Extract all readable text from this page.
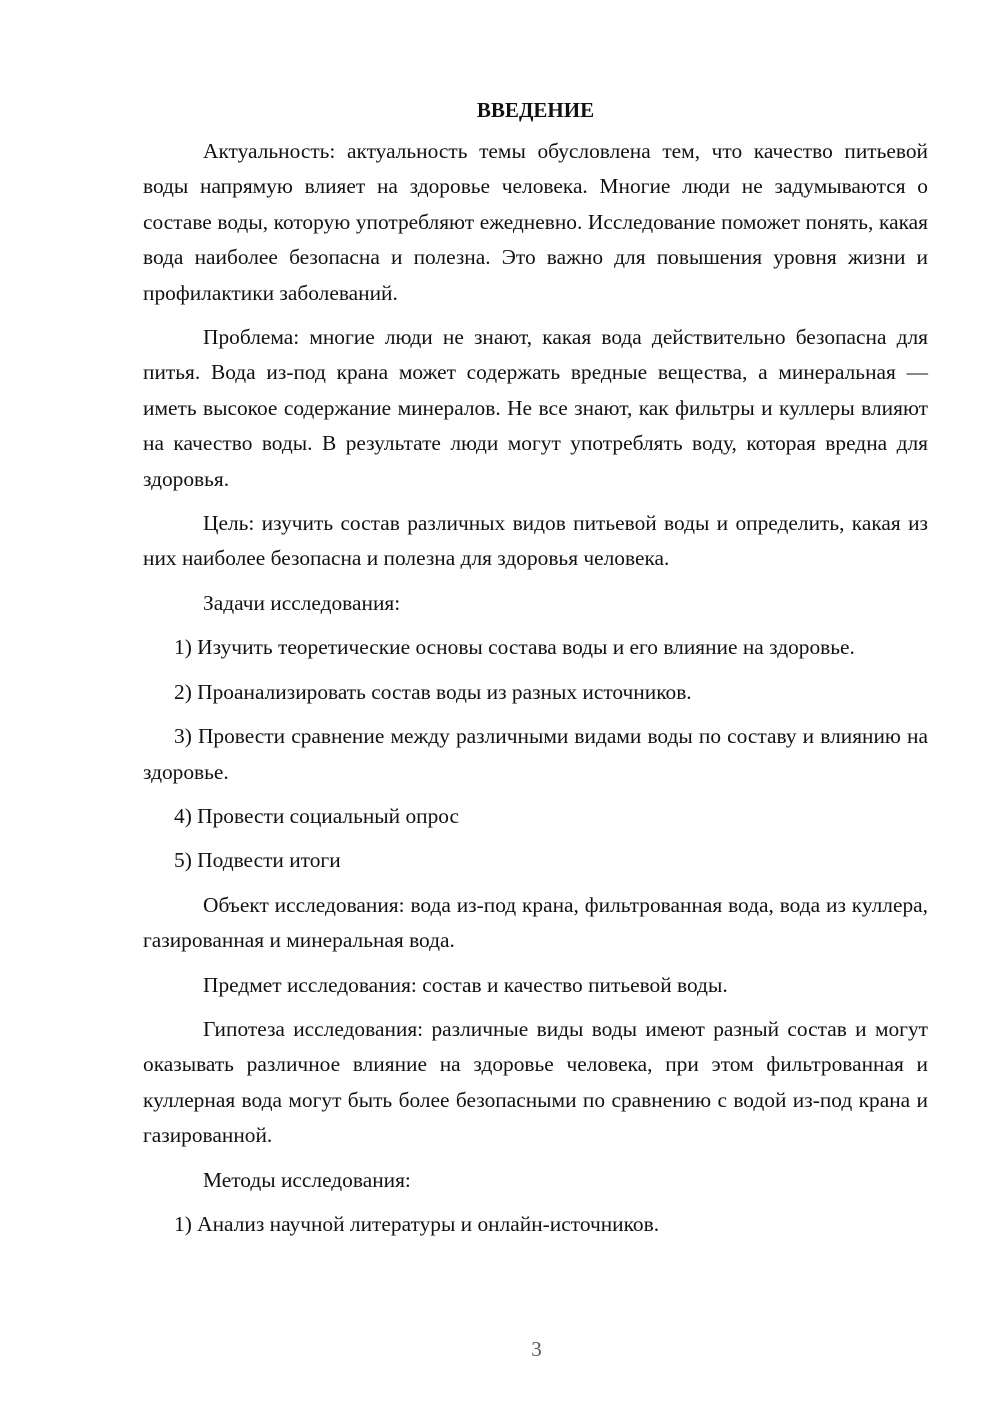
ВВЕДЕНИЕ

Актуальность: актуальность темы обусловлена тем, что качество питьевой воды напрямую влияет на здоровье человека. Многие люди не задумываются о составе воды, которую употребляют ежедневно. Исследование поможет понять, какая вода наиболее безопасна и полезна. Это важно для повышения уровня жизни и профилактики заболеваний.

Проблема: многие люди не знают, какая вода действительно безопасна для питья. Вода из-под крана может содержать вредные вещества, а минеральная — иметь высокое содержание минералов. Не все знают, как фильтры и куллеры влияют на качество воды. В результате люди могут употреблять воду, которая вредна для здоровья.

Цель: изучить состав различных видов питьевой воды и определить, какая из них наиболее безопасна и полезна для здоровья человека.

Задачи исследования:

1) Изучить теоретические основы состава воды и его влияние на здоровье.

2) Проанализировать состав воды из разных источников.

3) Провести сравнение между различными видами воды по составу и влиянию на здоровье.

4) Провести социальный опрос

5) Подвести итоги

Объект исследования: вода из-под крана, фильтрованная вода, вода из куллера, газированная и минеральная вода.

Предмет исследования: состав и качество питьевой воды.

Гипотеза исследования: различные виды воды имеют разный состав и могут оказывать различное влияние на здоровье человека, при этом фильтрованная и куллерная вода могут быть более безопасными по сравнению с водой из-под крана и газированной.

Методы исследования:

1) Анализ научной литературы и онлайн-источников.

3
